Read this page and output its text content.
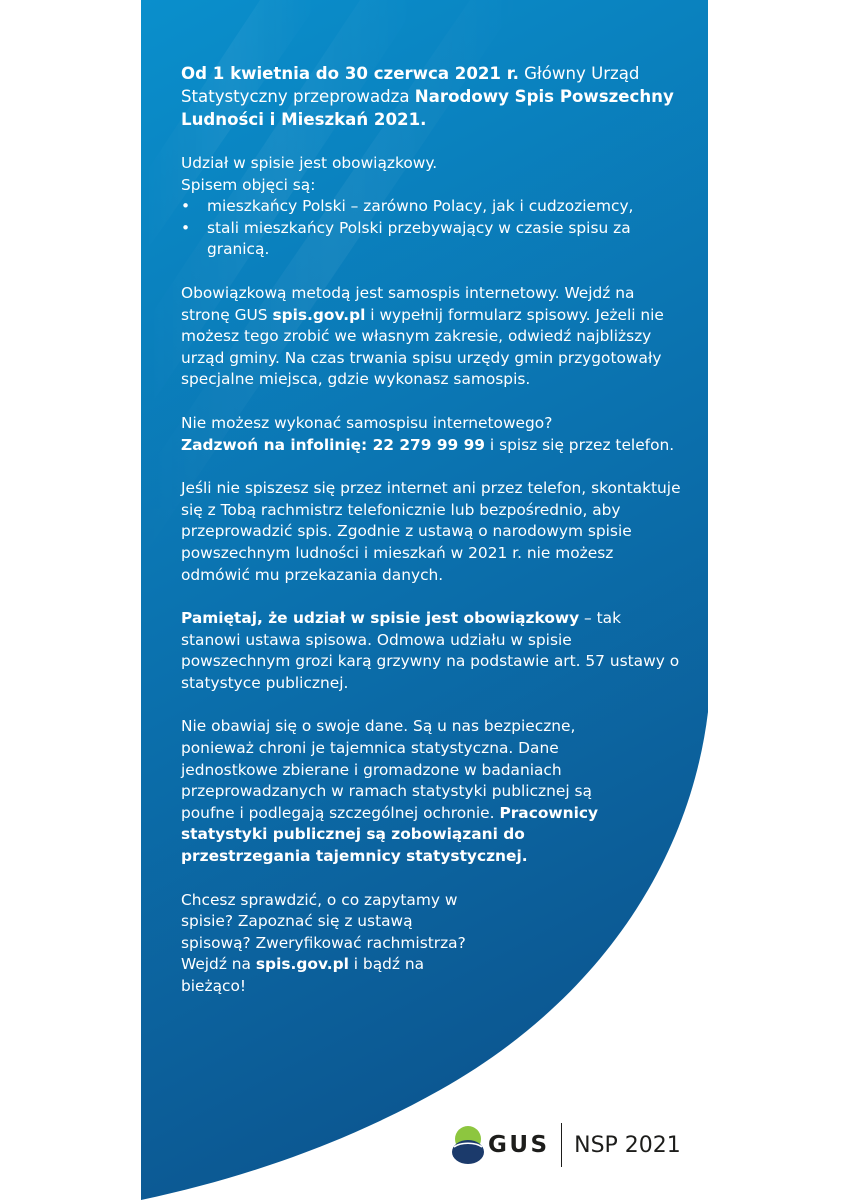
Od 1 kwietnia do 30 czerwca 2021 r. Główny Urząd Statystyczny przeprowadza Narodowy Spis Powszechny Ludności i Mieszkań 2021.

Udział w spisie jest obowiązkowy.
Spisem objęci są:
• mieszkańcy Polski – zarówno Polacy, jak i cudzoziemcy,
• stali mieszkańcy Polski przebywający w czasie spisu za granicą.

Obowiązkową metodą jest samospis internetowy. Wejdź na stronę GUS spis.gov.pl i wypełnij formularz spisowy. Jeżeli nie możesz tego zrobić we własnym zakresie, odwiedź najbliższy urząd gminy. Na czas trwania spisu urzędy gmin przygotowały specjalne miejsca, gdzie wykonasz samospis.

Nie możesz wykonać samospisu internetowego?
Zadzwoń na infolinię: 22 279 99 99 i spisz się przez telefon.

Jeśli nie spiszesz się przez internet ani przez telefon, skontaktuje się z Tobą rachmistrz telefonicznie lub bezpośrednio, aby przeprowadzić spis. Zgodnie z ustawą o narodowym spisie powszechnym ludności i mieszkań w 2021 r. nie możesz odmówić mu przekazania danych.

Pamiętaj, że udział w spisie jest obowiązkowy – tak stanowi ustawa spisowa. Odmowa udziału w spisie powszechnym grozi karą grzywny na podstawie art. 57 ustawy o statystyce publicznej.

Nie obawiaj się o swoje dane. Są u nas bezpieczne, ponieważ chroni je tajemnica statystyczna. Dane jednostkowe zbierane i gromadzone w badaniach przeprowadzanych w ramach statystyki publicznej są poufne i podlegają szczególnej ochronie. Pracownicy statystyki publicznej są zobowiązani do przestrzegania tajemnicy statystycznej.

Chcesz sprawdzić, o co zapytamy w spisie? Zapoznać się z ustawą spisową? Zweryfikować rachmistrza? Wejdź na spis.gov.pl i bądź na bieżąco!

GUS NSP 2021
